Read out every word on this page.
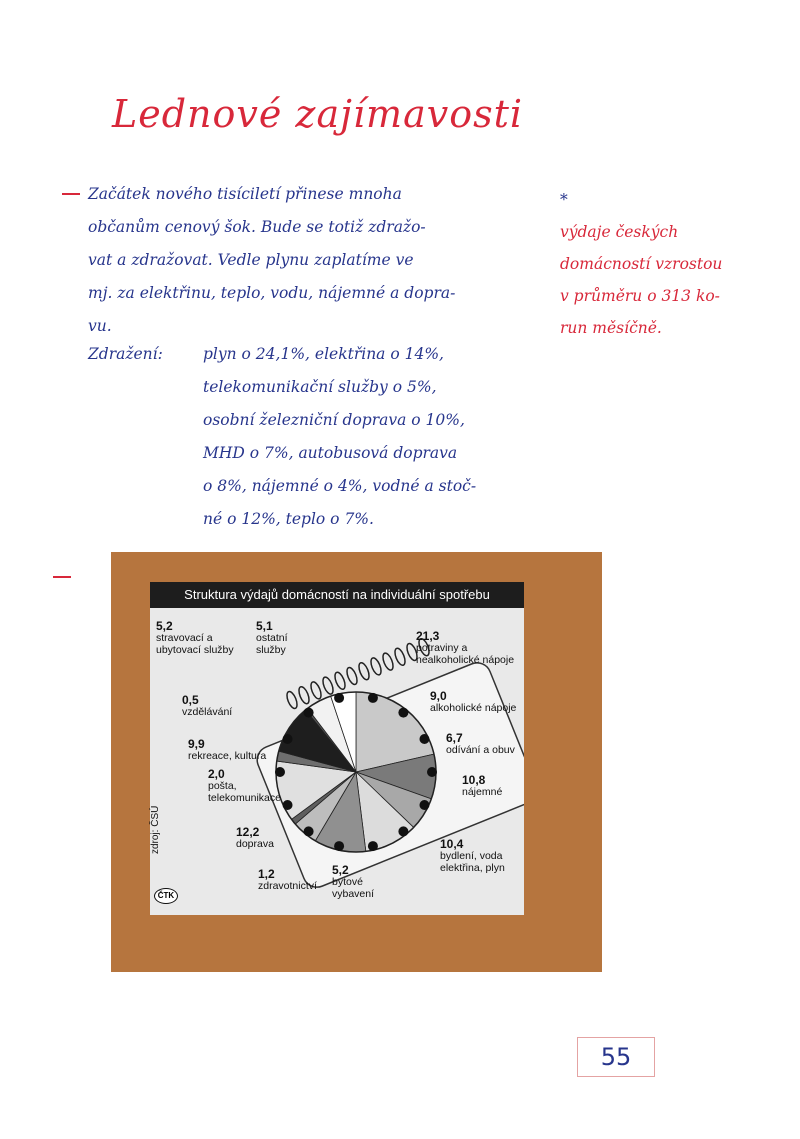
Lednové zajímavosti
Začátek nového tisíciletí přinese mnoha
občanům cenový šok. Bude se totiž zdražo-
vat a zdražovat. Vedle plynu zaplatíme ve
mj. za elektřinu, teplo, vodu, nájemné a dopra-
vu.
Zdražení:	plyn o 24,1%, elektřina o 14%,
telekomunikační služby o 5%,
osobní železniční doprava o 10%,
MHD o 7%, autobusová doprava
o 8%, nájemné o 4%, vodné a stoč-
né o 12%, teplo o 7%.
*
výdaje českých
domácností vzrostou
v průměru o 313 ko-
run měsíčně.
Struktura výdajů domácností na individuální spotřebu
5,2
stravovací a ubytovací služby
5,1
ostatní služby
21,3
potraviny a nealkoholické nápoje
0,5
vzdělávání
9,0
alkoholické nápoje
9,9
rekreace, kultura
6,7
odívání a obuv
2,0
pošta, telekomunikace
10,8
nájemné
12,2
doprava	10,4
bydlení, voda elektřina, plyn
1,2
zdravotnictví
5,2
bytové vybavení
zdroj: ČSÚ
ČTK
55
